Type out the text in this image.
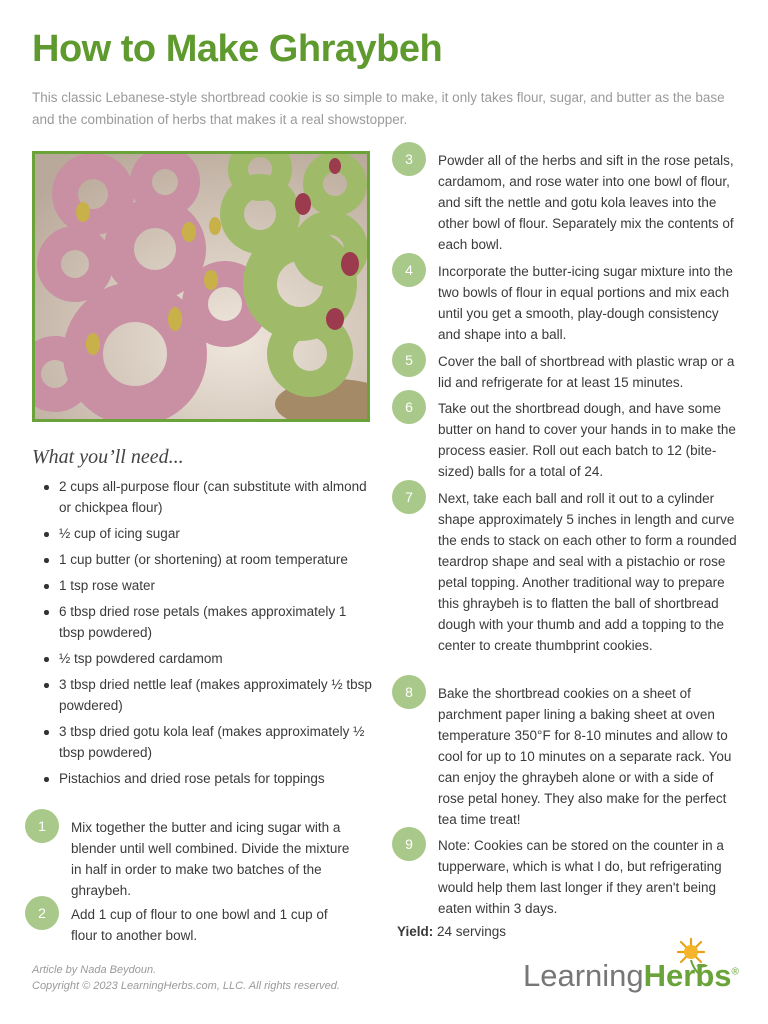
How to Make Ghraybeh
This classic Lebanese-style shortbread cookie is so simple to make, it only takes flour, sugar, and butter as the base and the combination of herbs that makes it a real showstopper.
What you’ll need...
2 cups all-purpose flour (can substitute with almond or chickpea flour)
½ cup of icing sugar
1 cup butter (or shortening) at room temperature
1 tsp rose water
6 tbsp dried rose petals (makes approximately 1 tbsp powdered)
½ tsp powdered cardamom
3 tbsp dried nettle leaf (makes approximately ½ tbsp powdered)
3 tbsp dried gotu kola leaf (makes approximately ½ tbsp powdered)
Pistachios and dried rose petals for toppings
1	Mix together the butter and icing sugar with a blender until well combined. Divide the mixture in half in order to make two batches of the ghraybeh.
2	Add 1 cup of flour to one bowl and 1 cup of flour to another bowl.
3	Powder all of the herbs and sift in the rose petals, cardamom, and rose water into one bowl of flour, and sift the nettle and gotu kola leaves into the other bowl of flour. Separately mix the contents of each bowl.
4	Incorporate the butter-icing sugar mixture into the two bowls of flour in equal portions and mix each until you get a smooth, play-dough consistency and shape into a ball.
5	Cover the ball of shortbread with plastic wrap or a lid and refrigerate for at least 15 minutes.
6	Take out the shortbread dough, and have some butter on hand to cover your hands in to make the process easier. Roll out each batch to 12 (bite-sized) balls for a total of 24.
7	Next, take each ball and roll it out to a cylinder shape approximately 5 inches in length and curve the ends to stack on each other to form a rounded teardrop shape and seal with a pistachio or rose petal topping. Another traditional way to prepare this ghraybeh is to flatten the ball of shortbread dough with your thumb and add a topping to the center to create thumbprint cookies.
8	Bake the shortbread cookies on a sheet of parchment paper lining a baking sheet at oven temperature 350°F for 8-10 minutes and allow to cool for up to 10 minutes on a separate rack. You can enjoy the ghraybeh alone or with a side of rose petal honey. They also make for the perfect tea time treat!
9	Note: Cookies can be stored on the counter in a tupperware, which is what I do, but refrigerating would help them last longer if they aren't being eaten within 3 days.
Yield: 24 servings
Article by Nada Beydoun.
Copyright © 2023 LearningHerbs.com, LLC. All rights reserved.	LearningHerbs®
